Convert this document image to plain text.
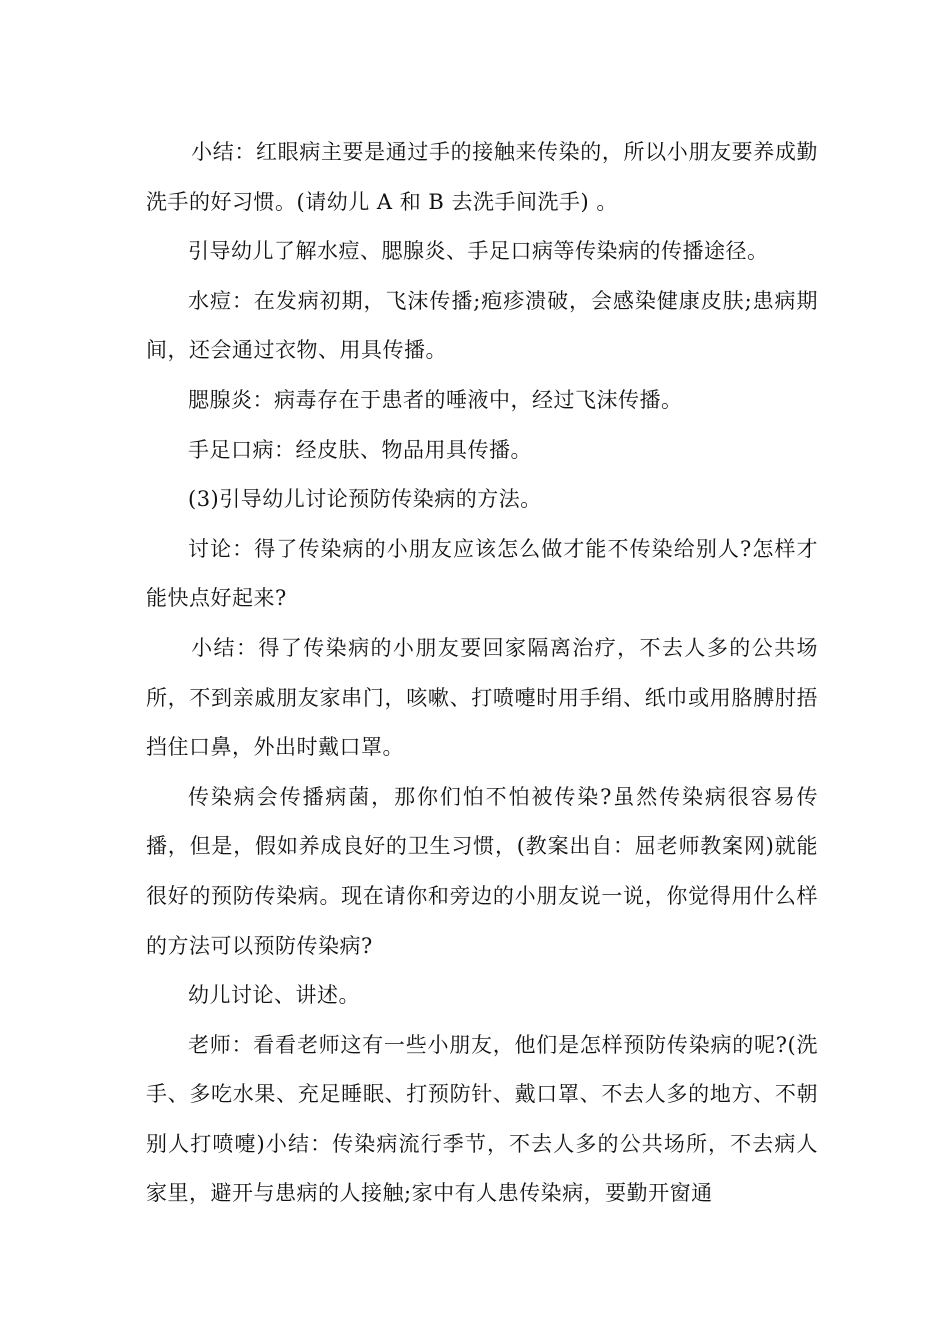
小结：红眼病主要是通过手的接触来传染的，所以小朋友要养成勤洗手的好习惯。(请幼儿 A 和 B 去洗手间洗手) 。

引导幼儿了解水痘、腮腺炎、手足口病等传染病的传播途径。

水痘：在发病初期，飞沫传播;疱疹溃破，会感染健康皮肤;患病期间，还会通过衣物、用具传播。

腮腺炎：病毒存在于患者的唾液中，经过飞沫传播。

手足口病：经皮肤、物品用具传播。

(3)引导幼儿讨论预防传染病的方法。

讨论：得了传染病的小朋友应该怎么做才能不传染给别人?怎样才能快点好起来?

小结：得了传染病的小朋友要回家隔离治疗，不去人多的公共场所，不到亲戚朋友家串门，咳嗽、打喷嚏时用手绢、纸巾或用胳膊肘捂挡住口鼻，外出时戴口罩。

传染病会传播病菌，那你们怕不怕被传染?虽然传染病很容易传播，但是，假如养成良好的卫生习惯，(教案出自：屈老师教案网)就能很好的预防传染病。现在请你和旁边的小朋友说一说，你觉得用什么样的方法可以预防传染病?

幼儿讨论、讲述。

老师：看看老师这有一些小朋友，他们是怎样预防传染病的呢?(洗手、多吃水果、充足睡眠、打预防针、戴口罩、不去人多的地方、不朝别人打喷嚏)小结：传染病流行季节，不去人多的公共场所，不去病人家里，避开与患病的人接触;家中有人患传染病，要勤开窗通
